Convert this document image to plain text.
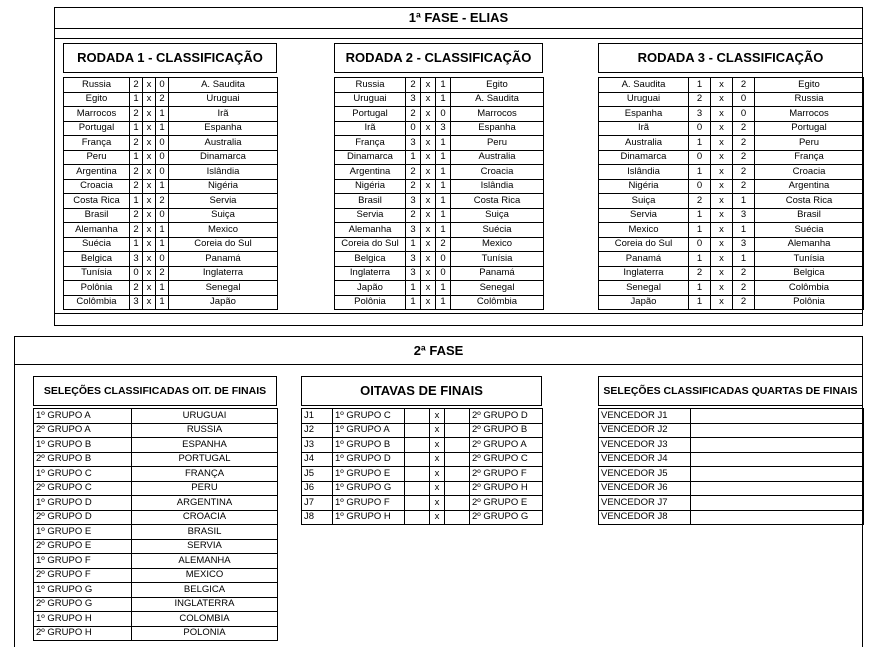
1ª FASE - ELIAS
RODADA 1 - CLASSIFICAÇÃO	RODADA 2 - CLASSIFICAÇÃO	RODADA 3 - CLASSIFICAÇÃO
Russia	2	x	0	A. Saudita
Egito	1	x	2	Uruguai
Marrocos	2	x	1	Irã
Portugal	1	x	1	Espanha
França	2	x	0	Australia
Peru	1	x	0	Dinamarca
Argentina	2	x	0	Islândia
Croacia	2	x	1	Nigéria
Costa Rica	1	x	2	Servia
Brasil	2	x	0	Suiça
Alemanha	2	x	1	Mexico
Suécia	1	x	1	Coreia do Sul
Belgica	3	x	0	Panamá
Tunísia	0	x	2	Inglaterra
Polônia	2	x	1	Senegal
Colômbia	3	x	1	Japão
Russia	2	x	1	Egito
Uruguai	3	x	1	A. Saudita
Portugal	2	x	0	Marrocos
Irã	0	x	3	Espanha
França	3	x	1	Peru
Dinamarca	1	x	1	Australia
Argentina	2	x	1	Croacia
Nigéria	2	x	1	Islândia
Brasil	3	x	1	Costa Rica
Servia	2	x	1	Suiça
Alemanha	3	x	1	Suécia
Coreia do Sul	1	x	2	Mexico
Belgica	3	x	0	Tunísia
Inglaterra	3	x	0	Panamá
Japão	1	x	1	Senegal
Polônia	1	x	1	Colômbia
A. Saudita	1	x	2	Egito
Uruguai	2	x	0	Russia
Espanha	3	x	0	Marrocos
Irã	0	x	2	Portugal
Australia	1	x	2	Peru
Dinamarca	0	x	2	França
Islândia	1	x	2	Croacia
Nigéria	0	x	2	Argentina
Suiça	2	x	1	Costa Rica
Servia	1	x	3	Brasil
Mexico	1	x	1	Suécia
Coreia do Sul	0	x	3	Alemanha
Panamá	1	x	1	Tunísia
Inglaterra	2	x	2	Belgica
Senegal	1	x	2	Colômbia
Japão	1	x	2	Polônia
2ª FASE
SELEÇÕES CLASSIFICADAS OIT. DE FINAIS	OITAVAS DE FINAIS	SELEÇÕES CLASSIFICADAS QUARTAS DE FINAIS
1º GRUPO A	URUGUAI
2º GRUPO A	RUSSIA
1º GRUPO B	ESPANHA
2º GRUPO B	PORTUGAL
1º GRUPO C	FRANÇA
2º GRUPO C	PERU
1º GRUPO D	ARGENTINA
2º GRUPO D	CROACIA
1º GRUPO E	BRASIL
2º GRUPO E	SERVIA
1º GRUPO F	ALEMANHA
2º GRUPO F	MEXICO
1º GRUPO G	BELGICA
2º GRUPO G	INGLATERRA
1º GRUPO H	COLOMBIA
2º GRUPO H	POLONIA
J1	1º GRUPO C		x		2º GRUPO D
J2	1º GRUPO A		x		2º GRUPO B
J3	1º GRUPO B		x		2º GRUPO A
J4	1º GRUPO D		x		2º GRUPO C
J5	1º GRUPO E		x		2º GRUPO F
J6	1º GRUPO G		x		2º GRUPO H
J7	1º GRUPO F		x		2º GRUPO E
J8	1º GRUPO H		x		2º GRUPO G
VENCEDOR J1	
VENCEDOR J2	
VENCEDOR J3	
VENCEDOR J4	
VENCEDOR J5	
VENCEDOR J6	
VENCEDOR J7	
VENCEDOR J8	
